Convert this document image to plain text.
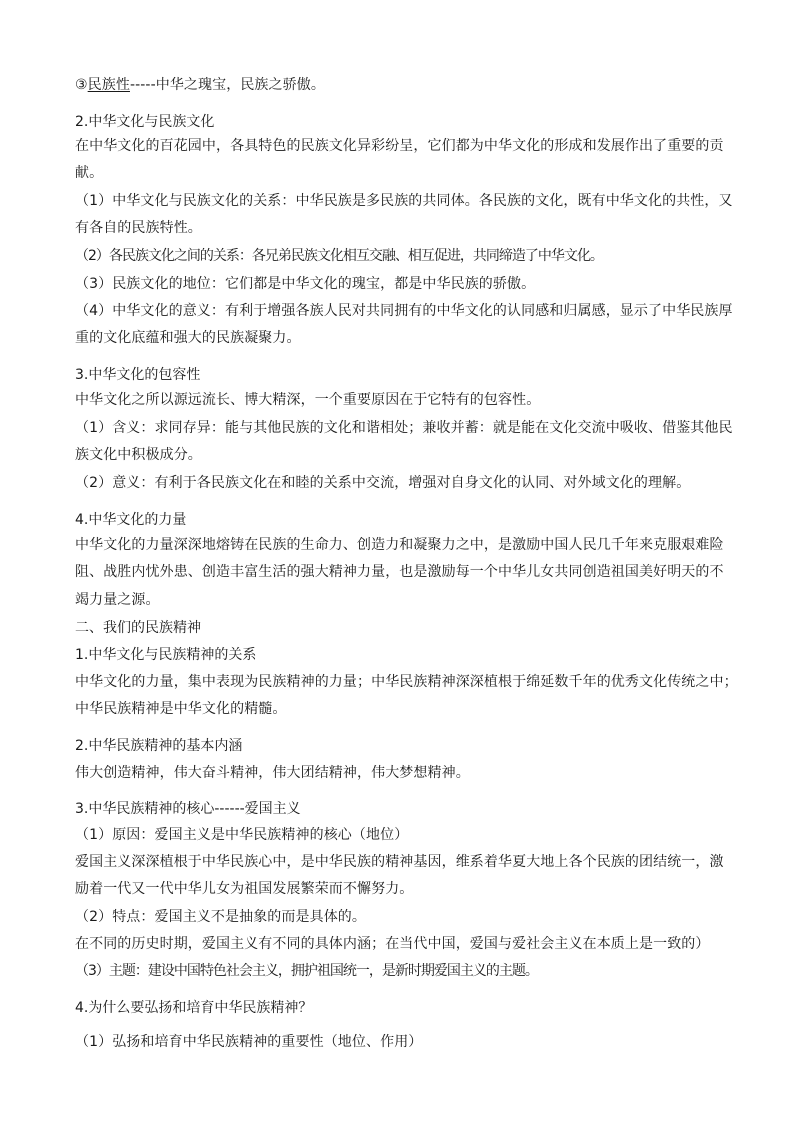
③民族性-----中华之瑰宝，民族之骄傲。
2.中华文化与民族文化
在中华文化的百花园中，各具特色的民族文化异彩纷呈，它们都为中华文化的形成和发展作出了重要的贡
献。
（1）中华文化与民族文化的关系：中华民族是多民族的共同体。各民族的文化，既有中华文化的共性，又
有各自的民族特性。
（2）各民族文化之间的关系：各兄弟民族文化相互交融、相互促进，共同缔造了中华文化。
（3）民族文化的地位：它们都是中华文化的瑰宝，都是中华民族的骄傲。
（4）中华文化的意义：有利于增强各族人民对共同拥有的中华文化的认同感和归属感，显示了中华民族厚
重的文化底蕴和强大的民族凝聚力。
3.中华文化的包容性
中华文化之所以源远流长、博大精深，一个重要原因在于它特有的包容性。
（1）含义：求同存异：能与其他民族的文化和谐相处；兼收并蓄：就是能在文化交流中吸收、借鉴其他民
族文化中积极成分。
（2）意义：有利于各民族文化在和睦的关系中交流，增强对自身文化的认同、对外域文化的理解。
4.中华文化的力量
中华文化的力量深深地熔铸在民族的生命力、创造力和凝聚力之中，是激励中国人民几千年来克服艰难险
阻、战胜内忧外患、创造丰富生活的强大精神力量，也是激励每一个中华儿女共同创造祖国美好明天的不
竭力量之源。
二、我们的民族精神
1.中华文化与民族精神的关系
中华文化的力量，集中表现为民族精神的力量；中华民族精神深深植根于绵延数千年的优秀文化传统之中；
中华民族精神是中华文化的精髓。
2.中华民族精神的基本内涵
伟大创造精神，伟大奋斗精神，伟大团结精神，伟大梦想精神。
3.中华民族精神的核心------爱国主义
（1）原因：爱国主义是中华民族精神的核心（地位）
爱国主义深深植根于中华民族心中，是中华民族的精神基因，维系着华夏大地上各个民族的团结统一，激
励着一代又一代中华儿女为祖国发展繁荣而不懈努力。
（2）特点：爱国主义不是抽象的而是具体的。
在不同的历史时期，爱国主义有不同的具体内涵；在当代中国，爱国与爱社会主义在本质上是一致的）
（3）主题：建设中国特色社会主义，拥护祖国统一，是新时期爱国主义的主题。
4.为什么要弘扬和培育中华民族精神？
（1）弘扬和培育中华民族精神的重要性（地位、作用）
